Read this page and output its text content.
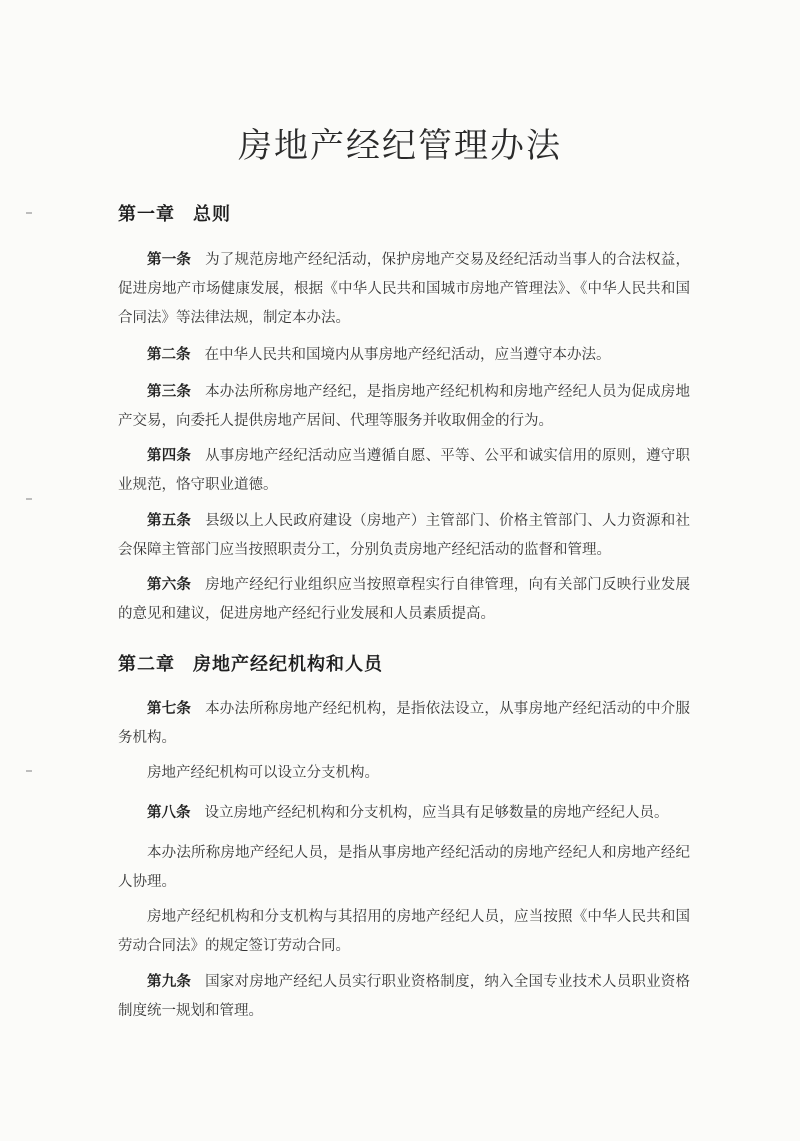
房地产经纪管理办法
第一章 总则
第一条 为了规范房地产经纪活动，保护房地产交易及经纪活动当事人的合法权益，促进房地产市场健康发展，根据《中华人民共和国城市房地产管理法》、《中华人民共和国合同法》等法律法规，制定本办法。
第二条 在中华人民共和国境内从事房地产经纪活动，应当遵守本办法。
第三条 本办法所称房地产经纪，是指房地产经纪机构和房地产经纪人员为促成房地产交易，向委托人提供房地产居间、代理等服务并收取佣金的行为。
第四条 从事房地产经纪活动应当遵循自愿、平等、公平和诚实信用的原则，遵守职业规范，恪守职业道德。
第五条 县级以上人民政府建设（房地产）主管部门、价格主管部门、人力资源和社会保障主管部门应当按照职责分工，分别负责房地产经纪活动的监督和管理。
第六条 房地产经纪行业组织应当按照章程实行自律管理，向有关部门反映行业发展的意见和建议，促进房地产经纪行业发展和人员素质提高。
第二章 房地产经纪机构和人员
第七条 本办法所称房地产经纪机构，是指依法设立，从事房地产经纪活动的中介服务机构。
房地产经纪机构可以设立分支机构。
第八条 设立房地产经纪机构和分支机构，应当具有足够数量的房地产经纪人员。
本办法所称房地产经纪人员，是指从事房地产经纪活动的房地产经纪人和房地产经纪人协理。
房地产经纪机构和分支机构与其招用的房地产经纪人员，应当按照《中华人民共和国劳动合同法》的规定签订劳动合同。
第九条 国家对房地产经纪人员实行职业资格制度，纳入全国专业技术人员职业资格制度统一规划和管理。
